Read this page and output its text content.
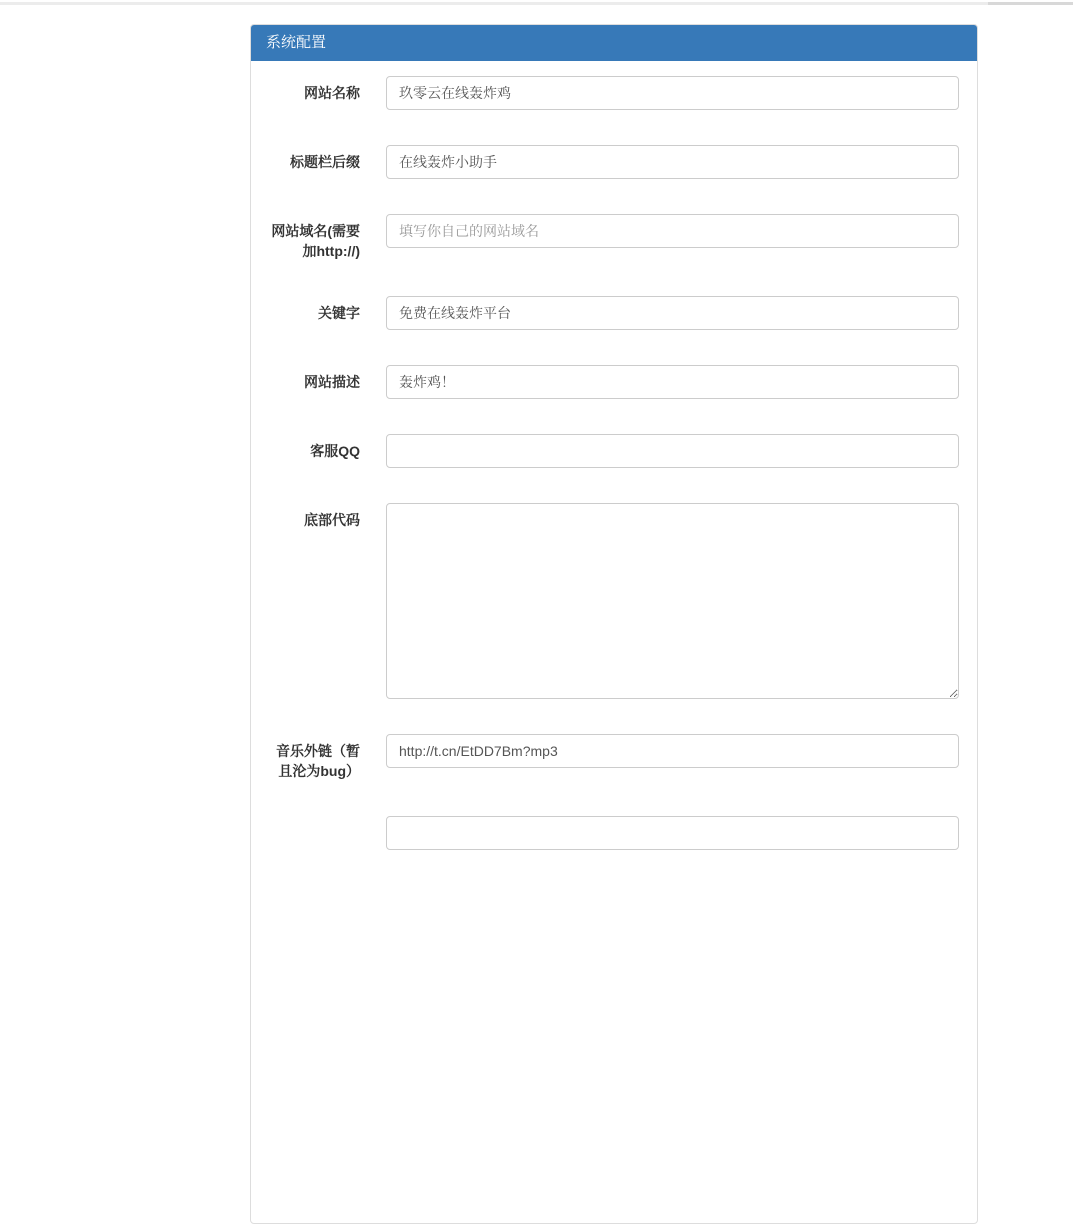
系统配置
网站名称
玖零云在线轰炸鸡
标题栏后缀
在线轰炸小助手
网站域名(需要加http://)
填写你自己的网站域名
关键字
免费在线轰炸平台
网站描述
轰炸鸡！
客服QQ
底部代码
音乐外链（暂且沦为bug）
http://t.cn/EtDD7Bm?mp3
